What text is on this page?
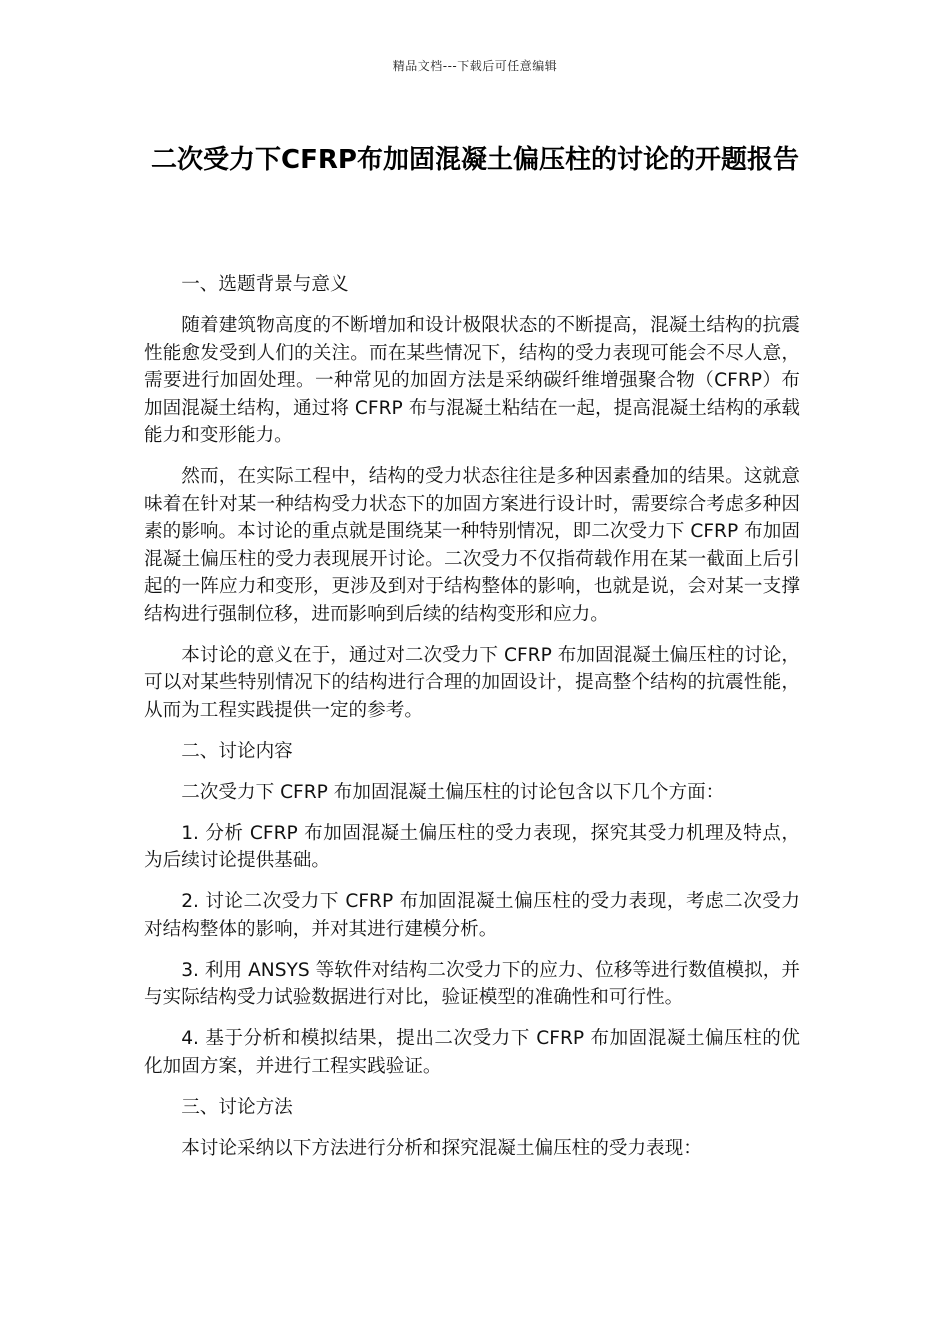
精品文档---下载后可任意编辑
二次受力下CFRP布加固混凝土偏压柱的讨论的开题报告

一、选题背景与意义

随着建筑物高度的不断增加和设计极限状态的不断提高，混凝土结构的抗震性能愈发受到人们的关注。而在某些情况下，结构的受力表现可能会不尽人意，需要进行加固处理。一种常见的加固方法是采纳碳纤维增强聚合物（CFRP）布加固混凝土结构，通过将 CFRP 布与混凝土粘结在一起，提高混凝土结构的承载能力和变形能力。

然而，在实际工程中，结构的受力状态往往是多种因素叠加的结果。这就意味着在针对某一种结构受力状态下的加固方案进行设计时，需要综合考虑多种因素的影响。本讨论的重点就是围绕某一种特别情况，即二次受力下 CFRP 布加固混凝土偏压柱的受力表现展开讨论。二次受力不仅指荷载作用在某一截面上后引起的一阵应力和变形，更涉及到对于结构整体的影响，也就是说，会对某一支撑结构进行强制位移，进而影响到后续的结构变形和应力。

本讨论的意义在于，通过对二次受力下 CFRP 布加固混凝土偏压柱的讨论，可以对某些特别情况下的结构进行合理的加固设计，提高整个结构的抗震性能，从而为工程实践提供一定的参考。

二、讨论内容

二次受力下 CFRP 布加固混凝土偏压柱的讨论包含以下几个方面：

1. 分析 CFRP 布加固混凝土偏压柱的受力表现，探究其受力机理及特点，为后续讨论提供基础。

2. 讨论二次受力下 CFRP 布加固混凝土偏压柱的受力表现，考虑二次受力对结构整体的影响，并对其进行建模分析。

3. 利用 ANSYS 等软件对结构二次受力下的应力、位移等进行数值模拟，并与实际结构受力试验数据进行对比，验证模型的准确性和可行性。

4. 基于分析和模拟结果，提出二次受力下 CFRP 布加固混凝土偏压柱的优化加固方案，并进行工程实践验证。

三、讨论方法

本讨论采纳以下方法进行分析和探究混凝土偏压柱的受力表现：
